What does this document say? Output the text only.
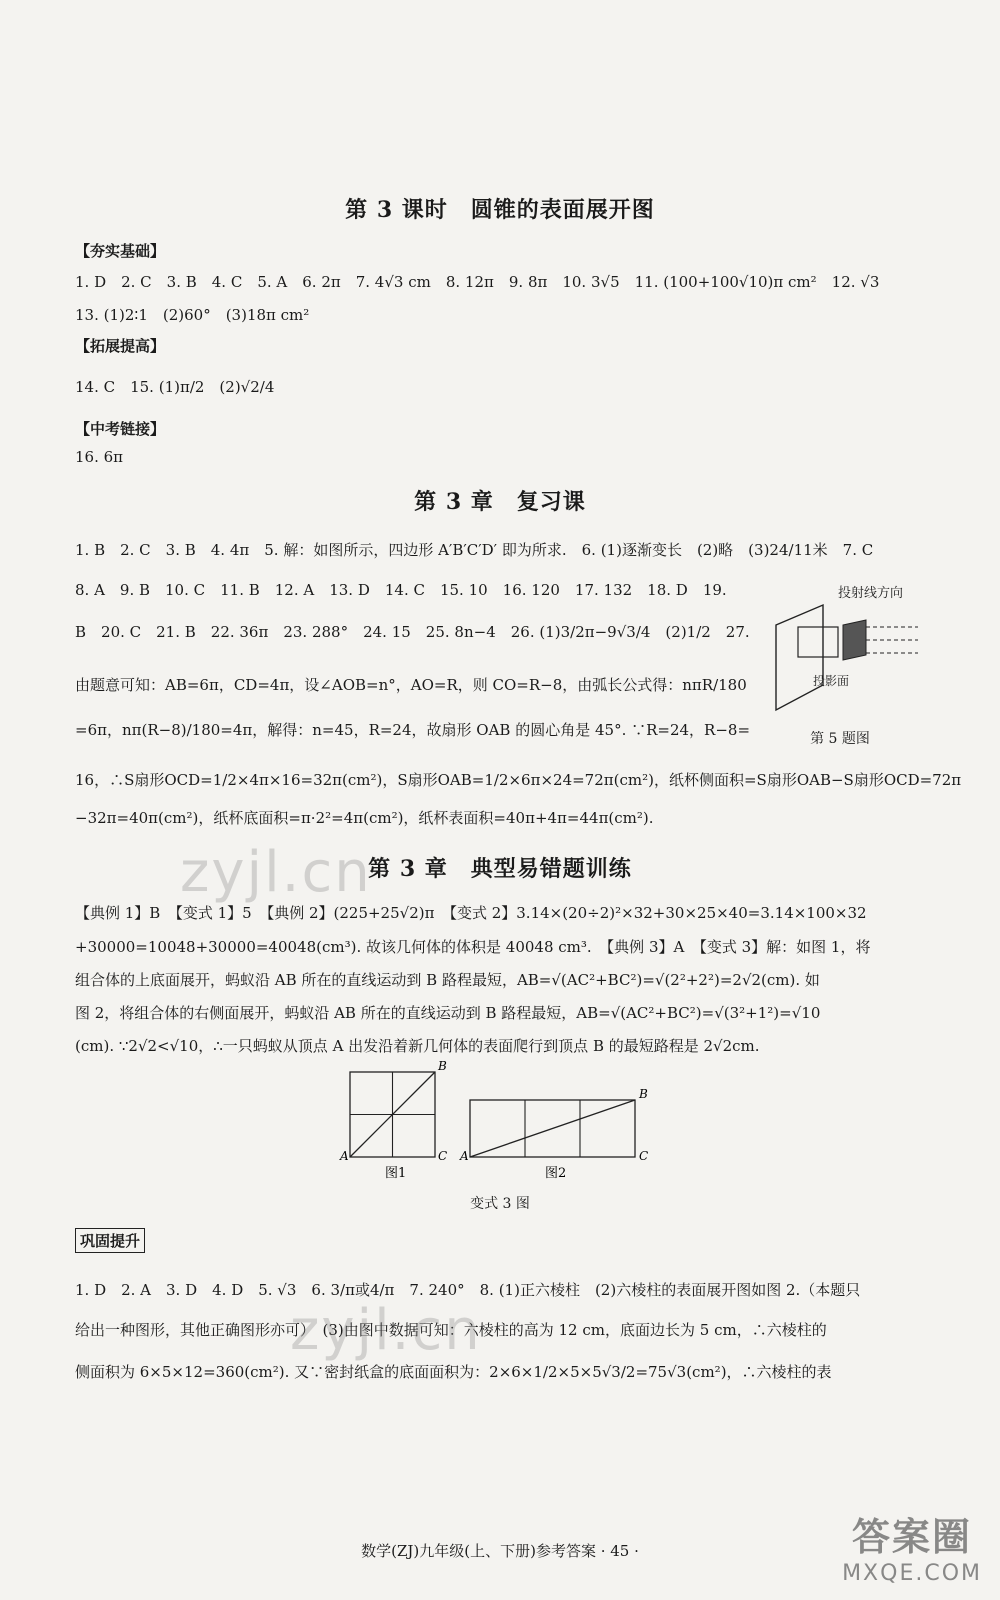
第 3 课时　圆锥的表面展开图
【夯实基础】
1. D　2. C　3. B　4. C　5. A　6. 2π　7. 4√3 cm　8. 12π　9. 8π　10. 3√5　11. (100+100√10)π cm²　12. √3
13. (1)2∶1　(2)60°　(3)18π cm²
【拓展提高】
14. C　15. (1)π/2　(2)√2/4
【中考链接】
16. 6π
第 3 章　复习课
1. B　2. C　3. B　4. 4π　5. 解：如图所示，四边形 A′B′C′D′ 即为所求.　6. (1)逐渐变长　(2)略　(3)24/11米　7. C
8. A　9. B　10. C　11. B　12. A　13. D　14. C　15. 10　16. 120　17. 132　18. D　19.
B　20. C　21. B　22. 36π　23. 288°　24. 15　25. 8n−4　26. (1)3/2π−9√3/4　(2)1/2　27.
由题意可知：AB=6π，CD=4π，设∠AOB=n°，AO=R，则 CO=R−8，由弧长公式得：nπR/180
=6π，nπ(R−8)/180=4π，解得：n=45，R=24，故扇形 OAB 的圆心角是 45°. ∵R=24，R−8=
16，∴S扇形OCD=1/2×4π×16=32π(cm²)，S扇形OAB=1/2×6π×24=72π(cm²)，纸杯侧面积=S扇形OAB−S扇形OCD=72π
−32π=40π(cm²)，纸杯底面积=π·2²=4π(cm²)，纸杯表面积=40π+4π=44π(cm²).
投射线方向
投影面
第 5 题图
第 3 章　典型易错题训练
【典例 1】B　【变式 1】5　【典例 2】(225+25√2)π　【变式 2】3.14×(20÷2)²×32+30×25×40=3.14×100×32
+30000=10048+30000=40048(cm³). 故该几何体的体积是 40048 cm³.　【典例 3】A　【变式 3】解：如图 1，将
组合体的上底面展开，蚂蚁沿 AB 所在的直线运动到 B 路程最短，AB=√(AC²+BC²)=√(2²+2²)=2√2(cm). 如
图 2，将组合体的右侧面展开，蚂蚁沿 AB 所在的直线运动到 B 路程最短，AB=√(AC²+BC²)=√(3²+1²)=√10
(cm). ∵2√2<√10，∴一只蚂蚁从顶点 A 出发沿着新几何体的表面爬行到顶点 B 的最短路程是 2√2cm.
A
B
C
图1
A
B
C
图2
变式 3 图
巩固提升
1. D　2. A　3. D　4. D　5. √3　6. 3/π或4/π　7. 240°　8. (1)正六棱柱　(2)六棱柱的表面展开图如图 2.（本题只
给出一种图形，其他正确图形亦可）　(3)由图中数据可知：六棱柱的高为 12 cm，底面边长为 5 cm，∴六棱柱的
侧面积为 6×5×12=360(cm²). 又∵密封纸盒的底面面积为：2×6×1/2×5×5√3/2=75√3(cm²)，∴六棱柱的表
数学(ZJ)九年级(上、下册)参考答案 · 45 ·
zyjl.cn
zyjl.cn
答案圈
MXQE.COM
